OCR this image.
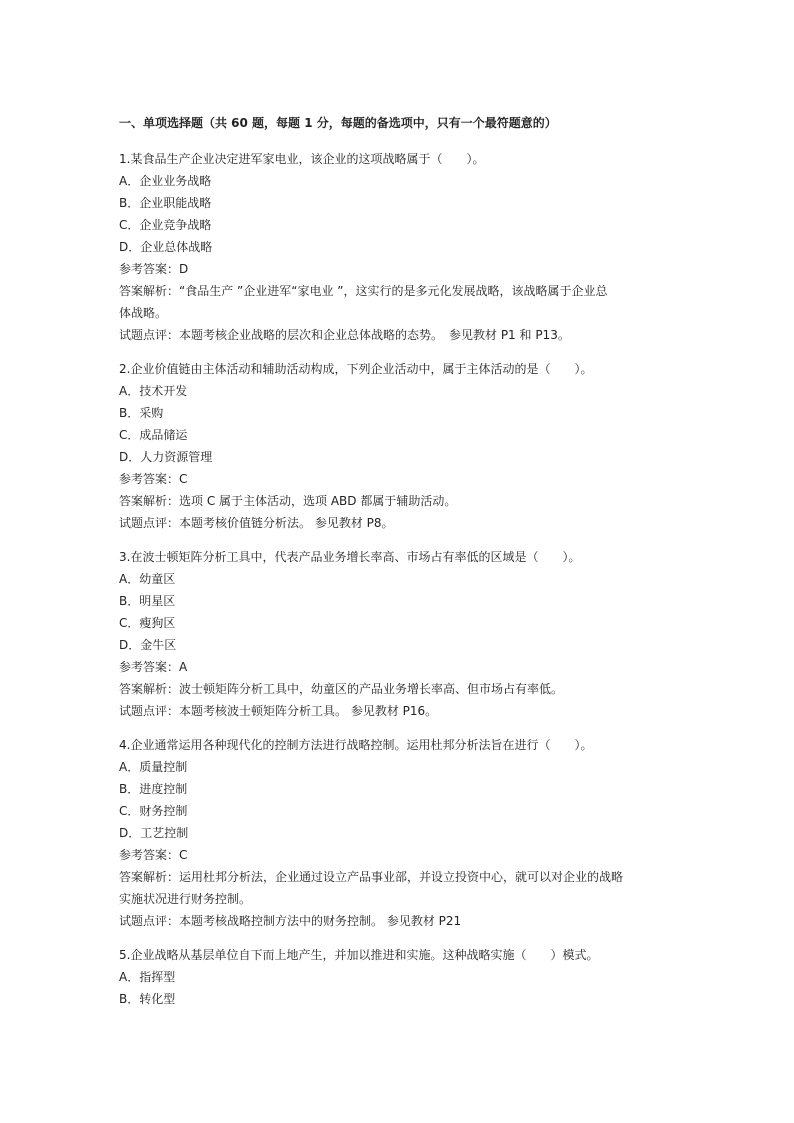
一、单项选择题（共 60 题，每题 1 分，每题的备选项中，只有一个最符题意的）
1.某食品生产企业决定进军家电业，该企业的这项战略属于（　　）。
A．企业业务战略
B．企业职能战略
C．企业竞争战略
D．企业总体战略
参考答案：D
答案解析：“食品生产 ”企业进军“家电业 ”，这实行的是多元化发展战略，该战略属于企业总
体战略。
试题点评：本题考核企业战略的层次和企业总体战略的态势。　参见教材 P1 和 P13。
2.企业价值链由主体活动和辅助活动构成，下列企业活动中，属于主体活动的是（　　）。
A．技术开发
B．采购
C．成品储运
D．人力资源管理
参考答案：C
答案解析：选项 C 属于主体活动，选项 ABD 都属于辅助活动。
试题点评：本题考核价值链分析法。 参见教材 P8。
3.在波士顿矩阵分析工具中，代表产品业务增长率高、市场占有率低的区域是（　　）。
A．幼童区
B．明星区
C．瘦狗区
D．金牛区
参考答案：A
答案解析：波士顿矩阵分析工具中，幼童区的产品业务增长率高、但市场占有率低。
试题点评：本题考核波士顿矩阵分析工具。 参见教材 P16。
4.企业通常运用各种现代化的控制方法进行战略控制。运用杜邦分析法旨在进行（　　）。
A．质量控制
B．进度控制
C．财务控制
D．工艺控制
参考答案：C
答案解析：运用杜邦分析法，企业通过设立产品事业部，并设立投资中心，就可以对企业的战略
实施状况进行财务控制。
试题点评：本题考核战略控制方法中的财务控制。 参见教材 P21
5.企业战略从基层单位自下而上地产生，并加以推进和实施。这种战略实施（　　）模式。
A．指挥型
B．转化型
